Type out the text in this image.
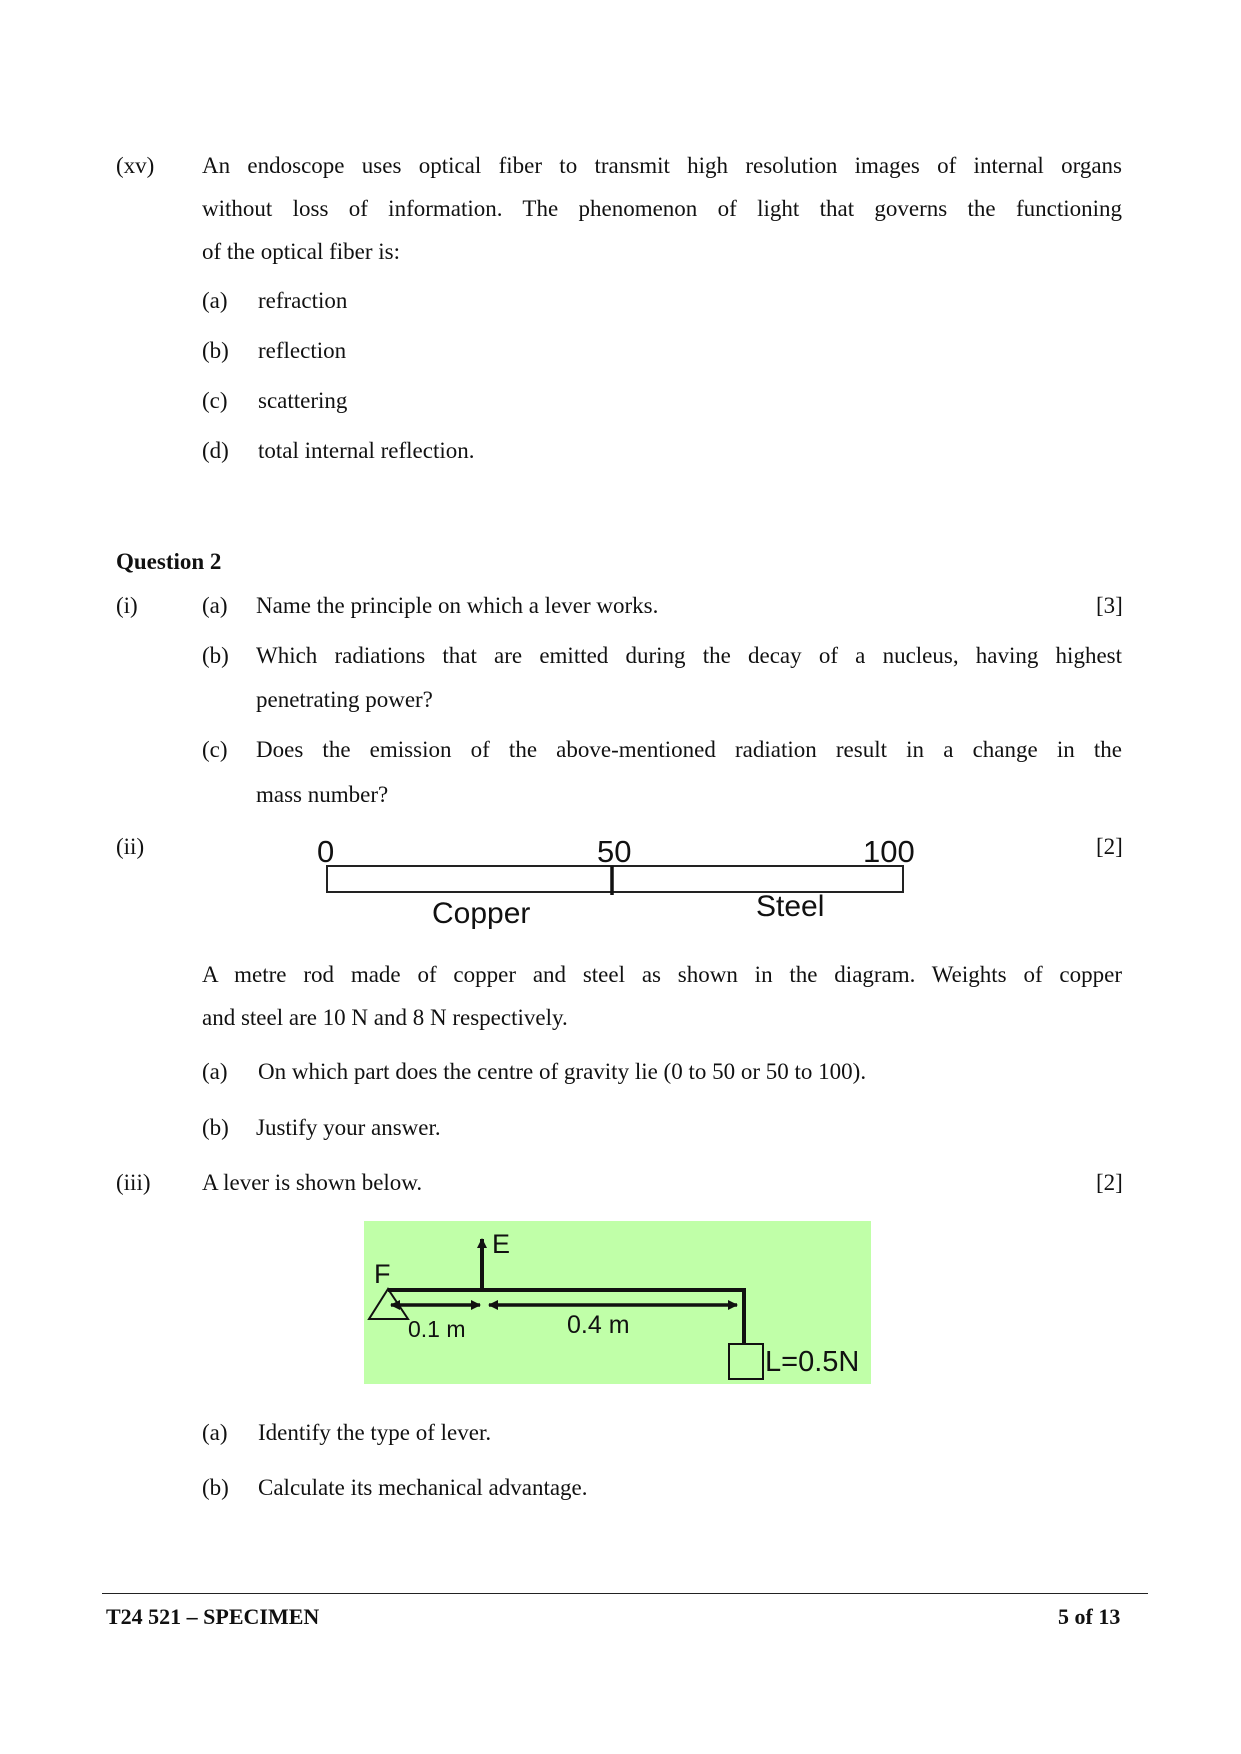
(xv) An endoscope uses optical fiber to transmit high resolution images of internal organs
without loss of information. The phenomenon of light that governs the functioning
of the optical fiber is:
(a) refraction
(b) reflection
(c) scattering
(d) total internal reflection.
Question 2
(i)	[3]
(a) Name the principle on which a lever works.
(b) Which radiations that are emitted during the decay of a nucleus, having highest
penetrating power?
(c) Does the emission of the above-mentioned radiation result in a change in the
mass number?
(ii)	[2]
0	50	100
Copper	Steel
A metre rod made of copper and steel as shown in the diagram. Weights of copper
and steel are 10 N and 8 N respectively.
(a) On which part does the centre of gravity lie (0 to 50 or 50 to 100).
(b) Justify your answer.
(iii) A lever is shown below.	[2]
F
E
0.1 m	0.4 m
L=0.5N
(a) Identify the type of lever.
(b) Calculate its mechanical advantage.
T24 521 – SPECIMEN	5 of 13
